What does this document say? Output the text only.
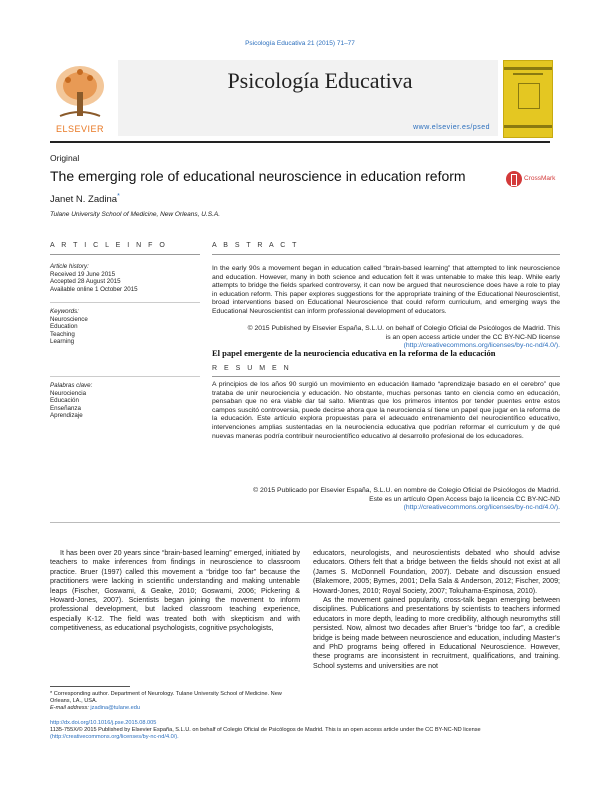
Psicología Educativa 21 (2015) 71–77
ELSEVIER
Psicología Educativa
www.elsevier.es/psed
Original
The emerging role of educational neuroscience in education reform	CrossMark
Janet N. Zadina*
Tulane University School of Medicine, New Orleans, U.S.A.
A R T I C L E I N F O
Article history:
Received 19 June 2015
Accepted 28 August 2015
Available online 1 October 2015
Keywords:
Neuroscience
Education
Teaching
Learning
Palabras clave:
Neurociencia
Educación
Enseñanza
Aprendizaje
A B S T R A C T
In the early 90s a movement began in education called “brain-based learning” that attempted to link neuroscience and education. However, many in both science and education felt it was untenable to make this leap. While early attempts to bridge the fields sparked controversy, it can now be argued that neuroscience does have a role to play in education reform. This paper explores suggestions for the appropriate training of the Educational Neuroscientist, broad interventions based on Educational Neuroscience that could reform curriculum, and emerging ways the Educational Neuroscientist can inform professional development of educators.
© 2015 Published by Elsevier España, S.L.U. on behalf of Colegio Oficial de Psicólogos de Madrid. This
is an open access article under the CC BY-NC-ND license
(http://creativecommons.org/licenses/by-nc-nd/4.0/).
El papel emergente de la neurociencia educativa en la reforma de la educación
R E S U M E N
A principios de los años 90 surgió un movimiento en educación llamado “aprendizaje basado en el cerebro” que trataba de unir neurociencia y educación. No obstante, muchas personas tanto en ciencia como en educación, pensaban que no era viable dar tal salto. Mientras que los primeros intentos por tender puentes entre estos campos suscitó controversia, puede decirse ahora que la neurociencia sí tiene un papel que jugar en la reforma de la educación. Este artículo explora propuestas para el adecuado entrenamiento del neurocientífico educativo, intervenciones amplias sustentadas en la neurociencia educativa que podrían reformar el curriculum y de qué nuevas maneras podría contribuir neurocientífico educativo al desarrollo profesional de los educadores.
© 2015 Publicado por Elsevier España, S.L.U. en nombre de Colegio Oficial de Psicólogos de Madrid.
Este es un artículo Open Access bajo la licencia CC BY-NC-ND
(http://creativecommons.org/licenses/by-nc-nd/4.0/).

It has been over 20 years since “brain-based learning” emerged, initiated by teachers to make inferences from findings in neuroscience to classroom practice. Bruer (1997) called this movement a “bridge too far” because the practitioners were lacking in scientific understanding and making untenable leaps (Fischer, Goswami, & Geake, 2010; Goswami, 2006; Pickering & Howard-Jones, 2007). Scientists began joining the movement to inform professional development, but lacked classroom teaching experience, especially K-12. The field was treated both with skepticism and with competitiveness, as educational psychologists, cognitive psychologists,

educators, neurologists, and neuroscientists debated who should advise educators. Others felt that a bridge between the fields should not exist at all (James S. McDonnell Foundation, 2007). Debate and discussion ensued (Blakemore, 2005; Byrnes, 2001; Della Sala & Anderson, 2012; Fischer, 2009; Howard-Jones, 2010; Royal Society, 2007; Tokuhama-Espinosa, 2010).

As the movement gained popularity, cross-talk began emerging between disciplines. Publications and presentations by scientists to teachers informed educators in more depth, leading to more credibility, although neuromyths still persisted. Now, almost two decades after Bruer’s “bridge too far”, a credible bridge is being made between neuroscience and education, including Master’s and PhD programs being offered in Educational Neuroscience. However, these programs are inconsistent in recruitment, qualifications, and training. School systems and universities are not

* Corresponding author. Department of Neurology. Tulane University School of Medicine. New Orleans, LA., USA.
E-mail address: jzadina@tulane.edu
http://dx.doi.org/10.1016/j.pse.2015.08.005
1135-755X/© 2015 Published by Elsevier España, S.L.U. on behalf of Colegio Oficial de Psicólogos de Madrid. This is an open access article under the CC BY-NC-ND license
(http://creativecommons.org/licenses/by-nc-nd/4.0/).
